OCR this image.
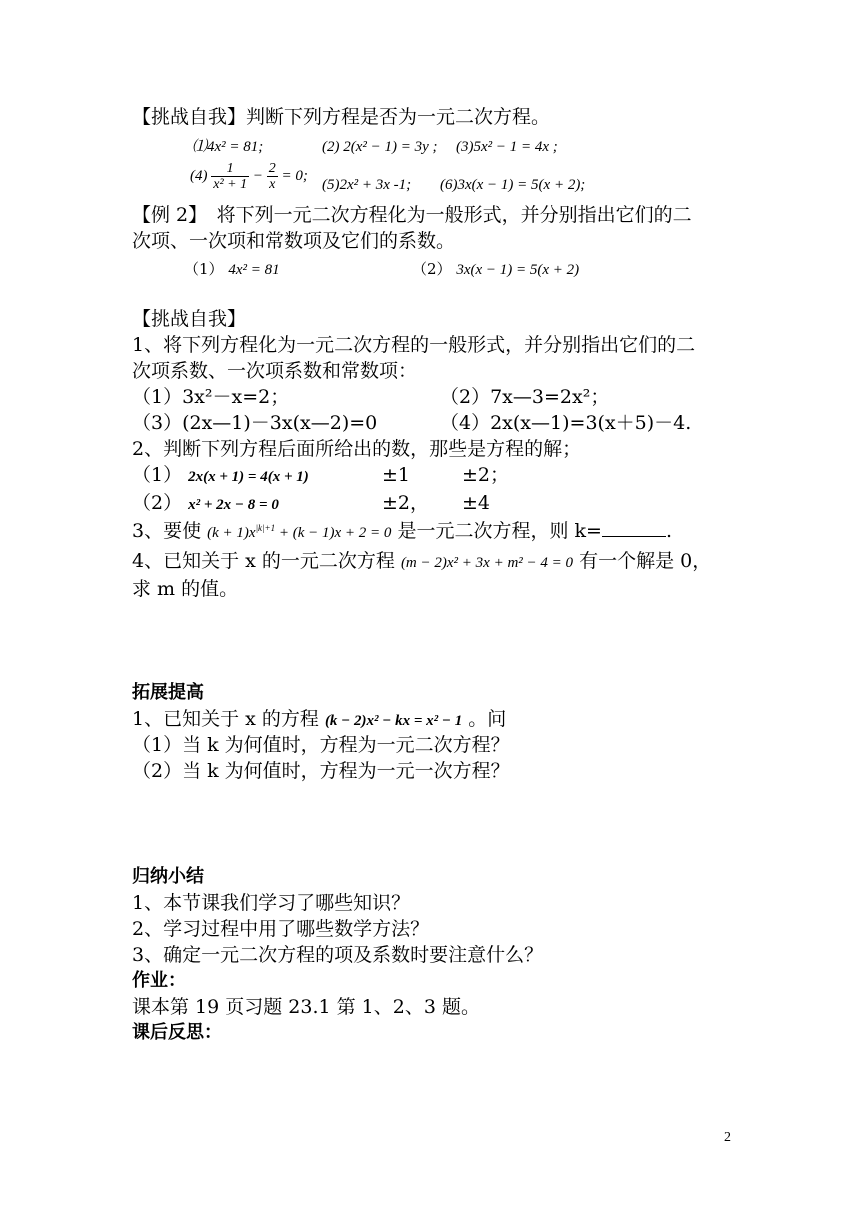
【挑战自我】判断下列方程是否为一元二次方程。
⑴4x² = 81;	(2) 2(x² − 1) = 3y ; (3)5x² − 1 = 4x ;
$(4) \frac{1}{\text{x² + 1}} - \frac{2}{x} = 0$;
(5)2x² + 3x -1; (6)3x(x − 1) = 5(x + 2);
【例 2】　将下列一元二次方程化为一般形式，并分别指出它们的二
次项、一次项和常数项及它们的系数。
（1） 4x² = 81	（2） 3x(x − 1) = 5(x + 2)
【挑战自我】
1、将下列方程化为一元二次方程的一般形式，并分别指出它们的二
次项系数、一次项系数和常数项：
（1）3x²－x=2；	（2）7x—3=2x²；
（3）(2x—1)－3x(x—2)=0	（4）2x(x—1)=3(x＋5)－4.
2、判断下列方程后面所给出的数，那些是方程的解；
（1） 2x(x + 1) = 4(x + 1)	±1	±2；
（2） x² + 2x − 8 = 0	±2， ±4
3、要使 $(k + 1)x^{|k|+1} + (k - 1)x + 2 = 0$ 是一元二次方程，则 k=	.
4、已知关于 x 的一元二次方程 (m − 2)x² + 3x + m² − 4 = 0 有一个解是 0，
求 m 的值。
拓展提高
1、已知关于 x 的方程 (k − 2)x² − kx = x² − 1 。问
（1）当 k 为何值时，方程为一元二次方程？
（2）当 k 为何值时，方程为一元一次方程？
归纳小结
1、本节课我们学习了哪些知识？
2、学习过程中用了哪些数学方法？
3、确定一元二次方程的项及系数时要注意什么？
作业：
课本第 19 页习题 23.1 第 1、2、3 题。
课后反思：
2
